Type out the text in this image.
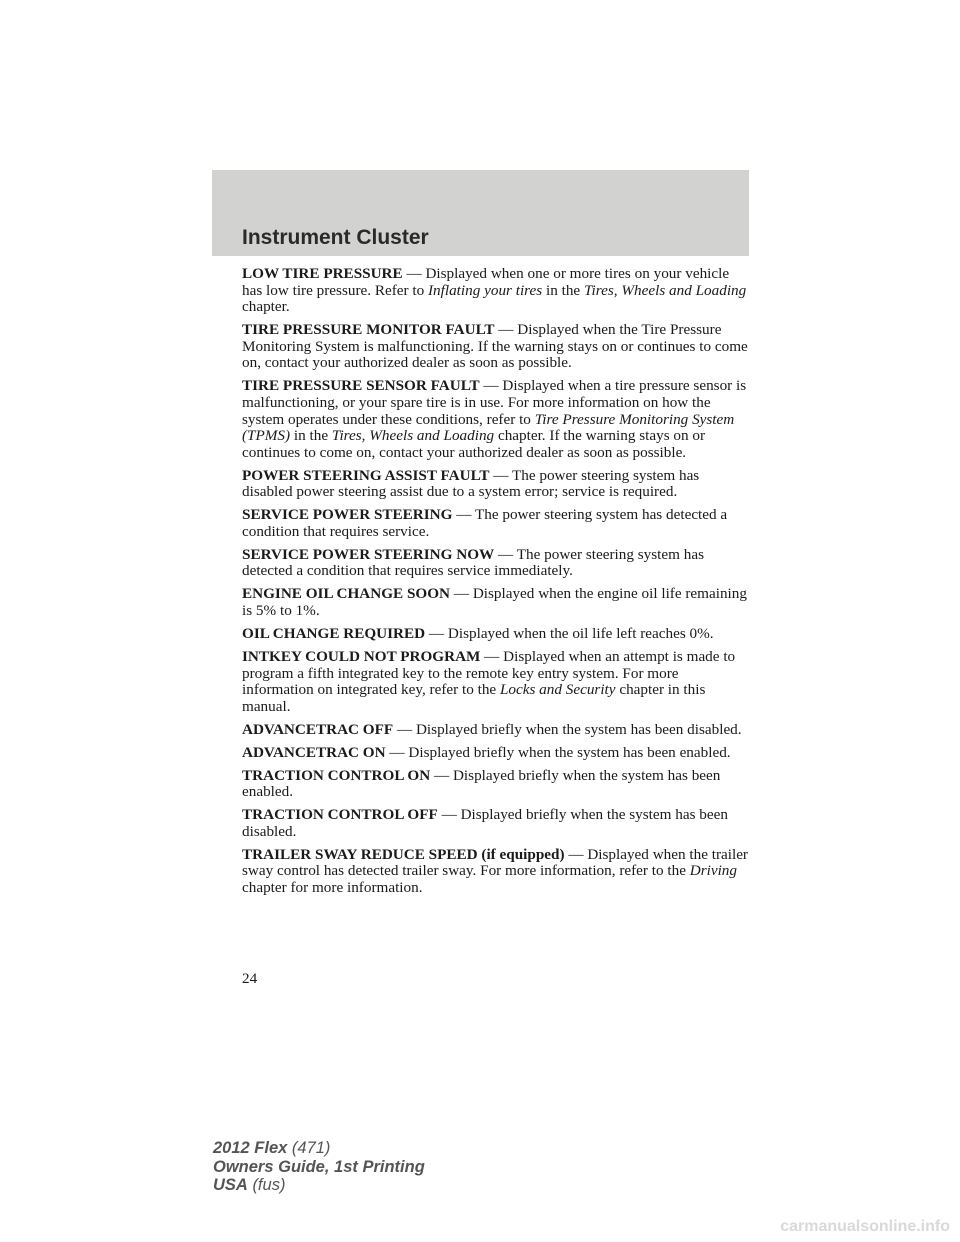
Instrument Cluster

LOW TIRE PRESSURE — Displayed when one or more tires on your vehicle has low tire pressure. Refer to Inflating your tires in the Tires, Wheels and Loading chapter.

TIRE PRESSURE MONITOR FAULT — Displayed when the Tire Pressure Monitoring System is malfunctioning. If the warning stays on or continues to come on, contact your authorized dealer as soon as possible.

TIRE PRESSURE SENSOR FAULT — Displayed when a tire pressure sensor is malfunctioning, or your spare tire is in use. For more information on how the system operates under these conditions, refer to Tire Pressure Monitoring System (TPMS) in the Tires, Wheels and Loading chapter. If the warning stays on or continues to come on, contact your authorized dealer as soon as possible.

POWER STEERING ASSIST FAULT — The power steering system has disabled power steering assist due to a system error; service is required.

SERVICE POWER STEERING — The power steering system has detected a condition that requires service.

SERVICE POWER STEERING NOW — The power steering system has detected a condition that requires service immediately.

ENGINE OIL CHANGE SOON — Displayed when the engine oil life remaining is 5% to 1%.

OIL CHANGE REQUIRED — Displayed when the oil life left reaches 0%.

INTKEY COULD NOT PROGRAM — Displayed when an attempt is made to program a fifth integrated key to the remote key entry system. For more information on integrated key, refer to the Locks and Security chapter in this manual.

ADVANCETRAC OFF — Displayed briefly when the system has been disabled.

ADVANCETRAC ON — Displayed briefly when the system has been enabled.

TRACTION CONTROL ON — Displayed briefly when the system has been enabled.

TRACTION CONTROL OFF — Displayed briefly when the system has been disabled.

TRAILER SWAY REDUCE SPEED (if equipped) — Displayed when the trailer sway control has detected trailer sway. For more information, refer to the Driving chapter for more information.

24
2012 Flex (471)
Owners Guide, 1st Printing
USA (fus)
carmanualsonline.info
